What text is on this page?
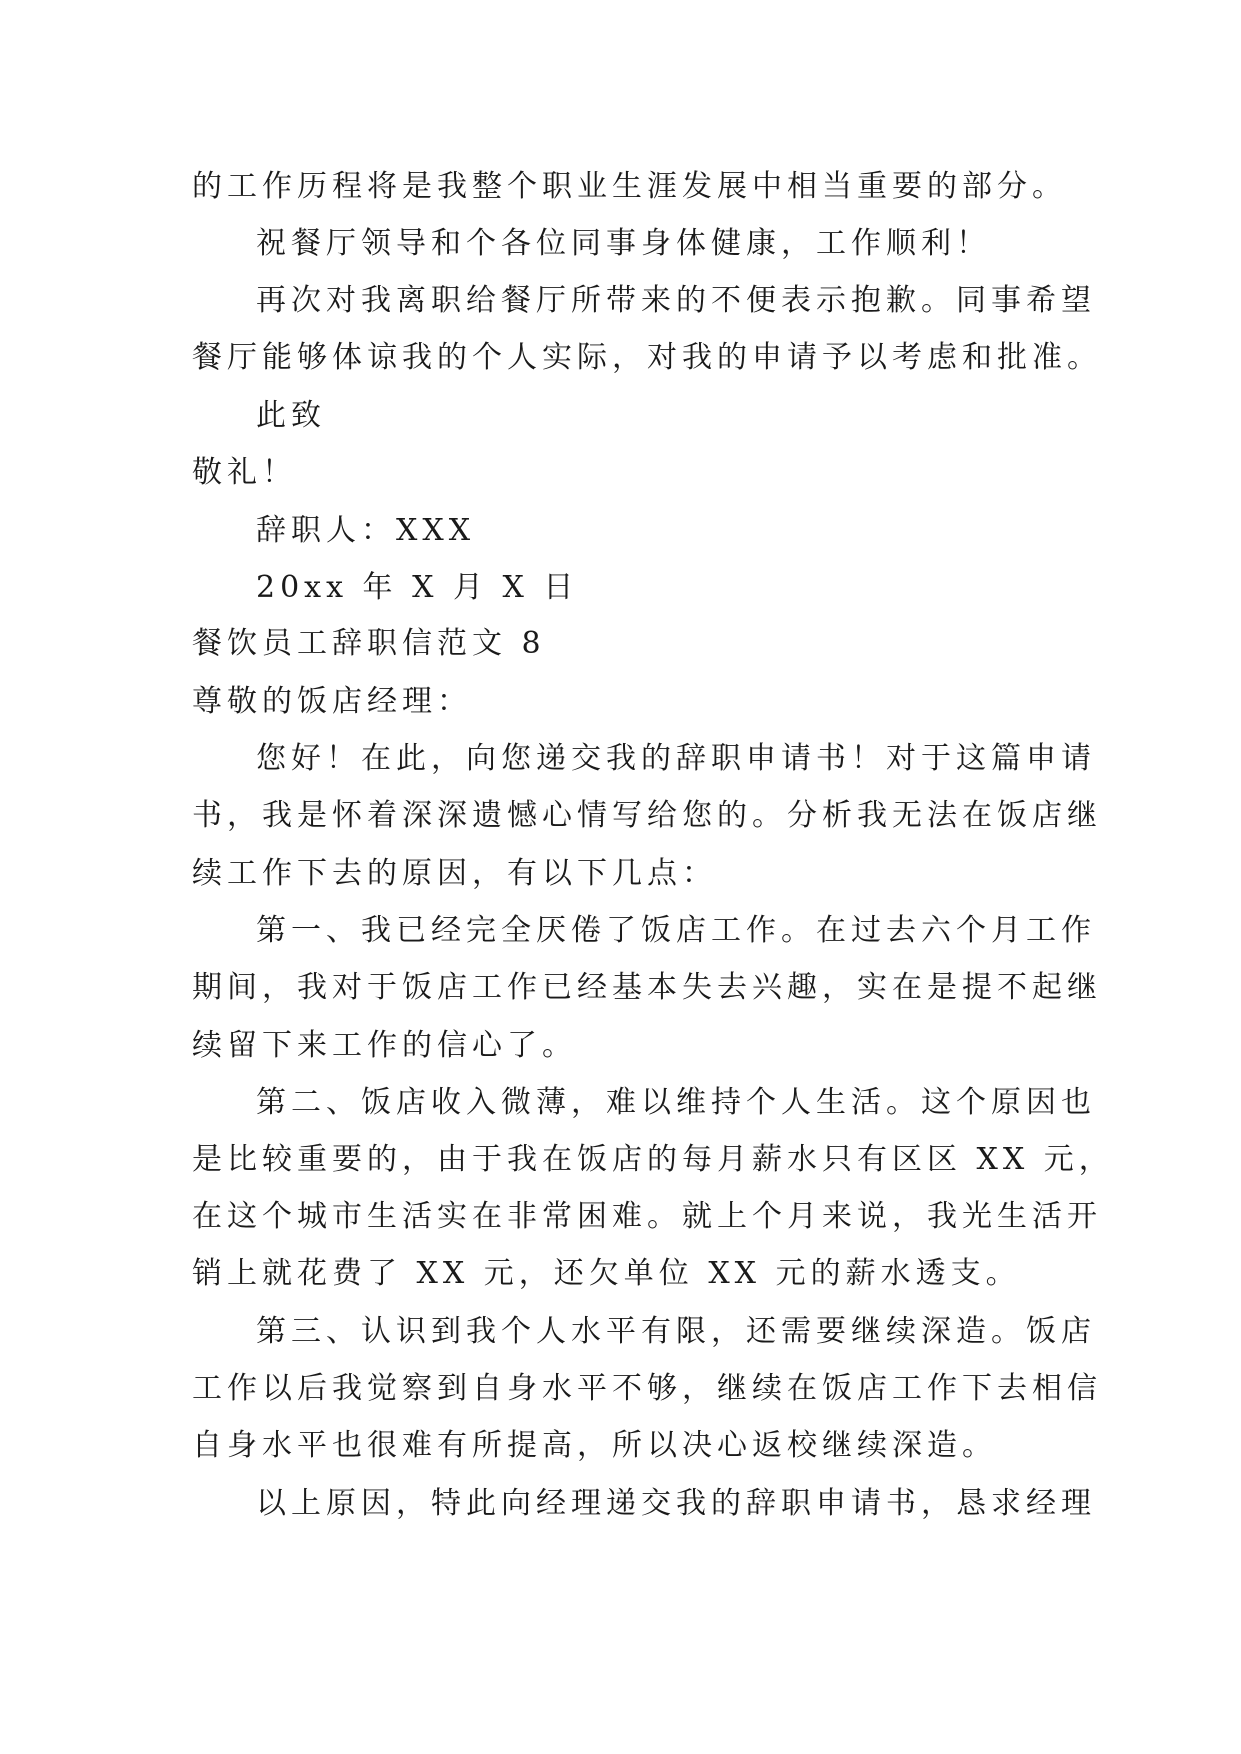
的工作历程将是我整个职业生涯发展中相当重要的部分。
祝餐厅领导和个各位同事身体健康，工作顺利！
再次对我离职给餐厅所带来的不便表示抱歉。同事希望
餐厅能够体谅我的个人实际，对我的申请予以考虑和批准。
此致
敬礼！
辞职人：XXX
20xx 年 X 月 X 日
餐饮员工辞职信范文 8
尊敬的饭店经理：
您好！在此，向您递交我的辞职申请书！对于这篇申请
书，我是怀着深深遗憾心情写给您的。分析我无法在饭店继
续工作下去的原因，有以下几点：
第一、我已经完全厌倦了饭店工作。在过去六个月工作
期间，我对于饭店工作已经基本失去兴趣，实在是提不起继
续留下来工作的信心了。
第二、饭店收入微薄，难以维持个人生活。这个原因也
是比较重要的，由于我在饭店的每月薪水只有区区 XX 元，
在这个城市生活实在非常困难。就上个月来说，我光生活开
销上就花费了 XX 元，还欠单位 XX 元的薪水透支。
第三、认识到我个人水平有限，还需要继续深造。饭店
工作以后我觉察到自身水平不够，继续在饭店工作下去相信
自身水平也很难有所提高，所以决心返校继续深造。
以上原因，特此向经理递交我的辞职申请书，恳求经理
